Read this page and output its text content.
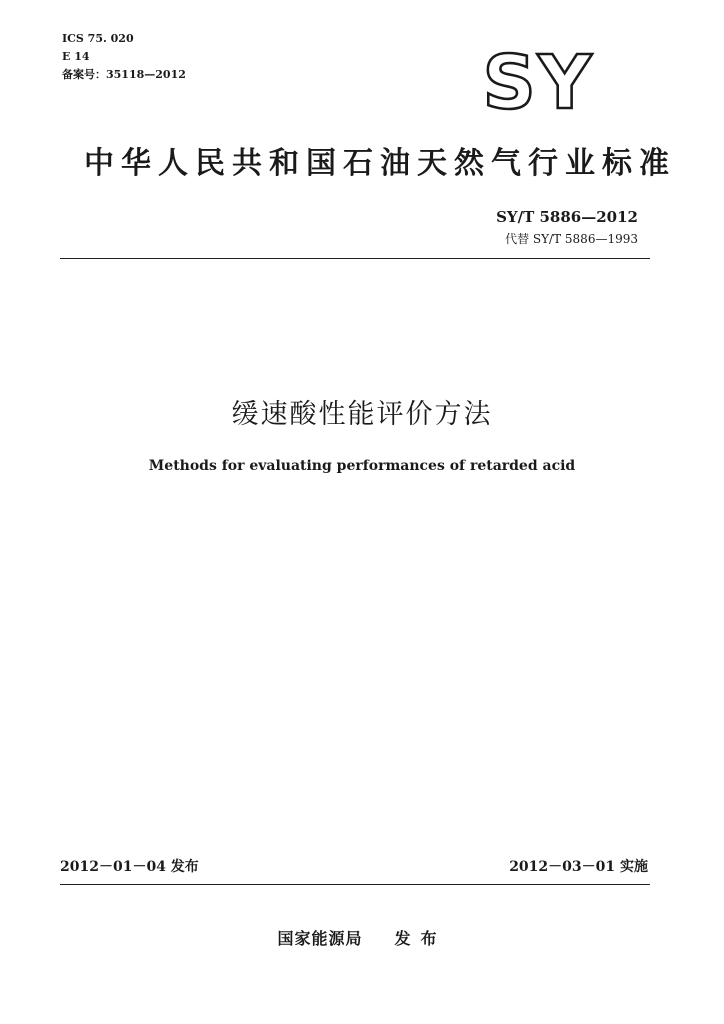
ICS 75. 020
E 14
备案号：35118—2012	SY
中华人民共和国石油天然气行业标准
SY/T 5886—2012
代替 SY/T 5886—1993
缓速酸性能评价方法
Methods for evaluating performances of retarded acid
2012－01－04 发布	2012－03－01 实施
国家能源局 发布
